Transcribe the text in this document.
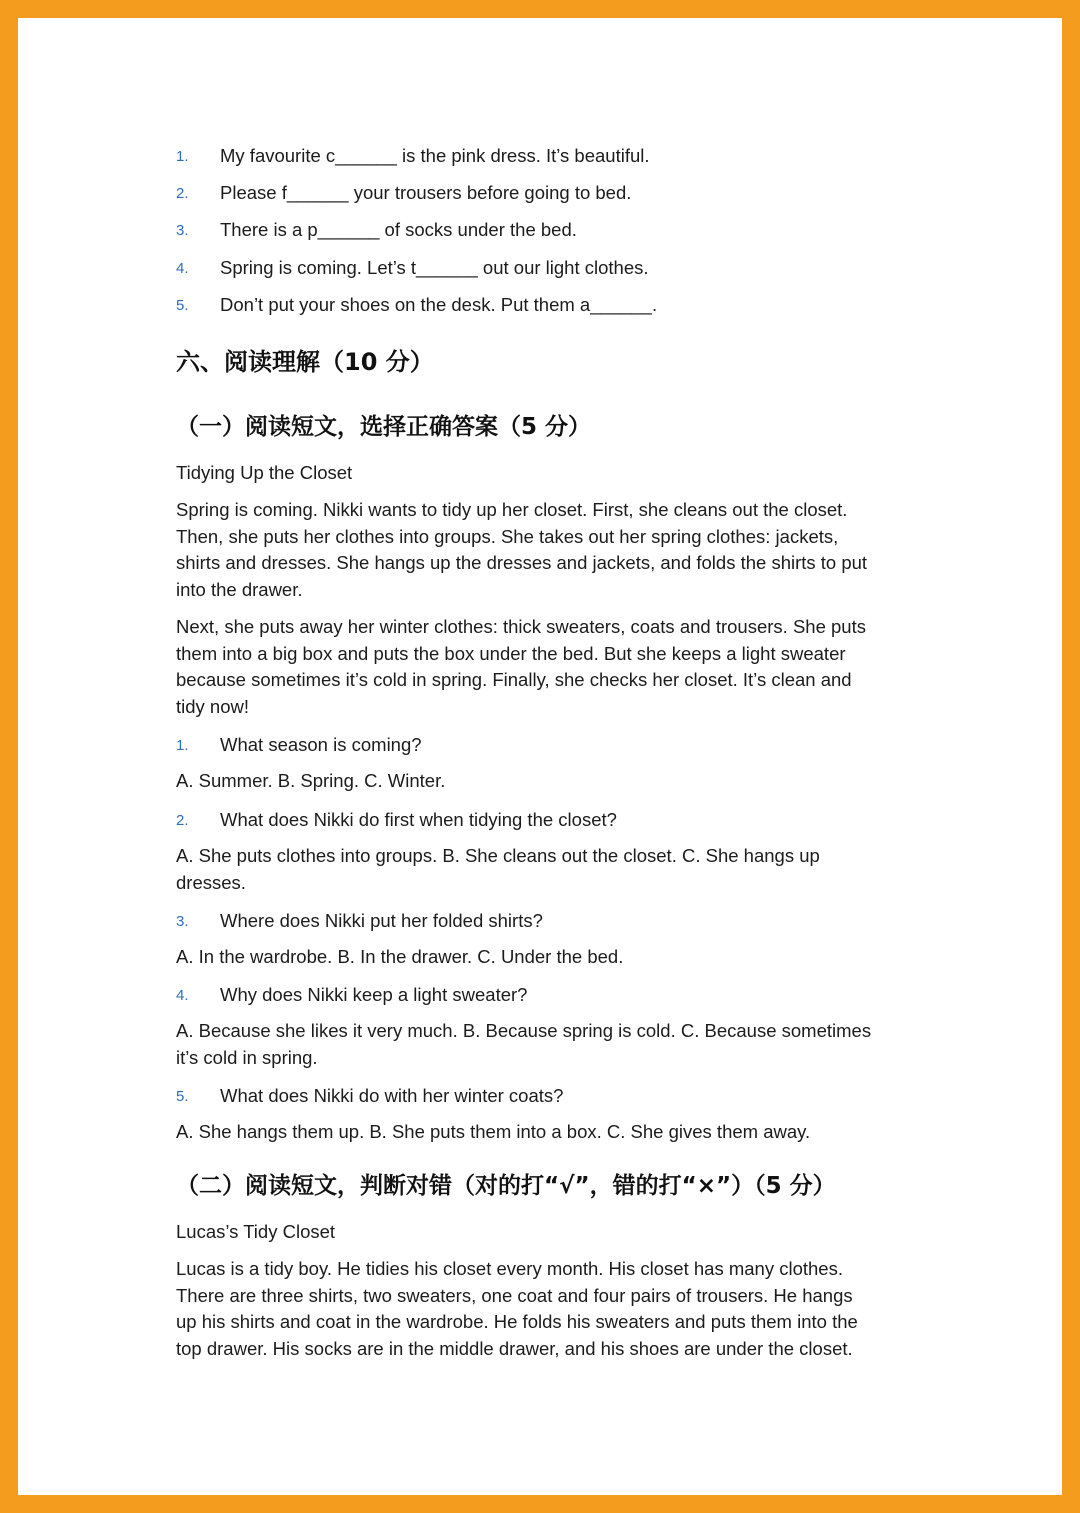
1. My favourite c______ is the pink dress. It’s beautiful.
2. Please f______ your trousers before going to bed.
3. There is a p______ of socks under the bed.
4. Spring is coming. Let’s t______ out our light clothes.
5. Don’t put your shoes on the desk. Put them a______.
六、阅读理解（10 分）
（一）阅读短文，选择正确答案（5 分）
Tidying Up the Closet
Spring is coming. Nikki wants to tidy up her closet. First, she cleans out the closet.
Then, she puts her clothes into groups. She takes out her spring clothes: jackets,
shirts and dresses. She hangs up the dresses and jackets, and folds the shirts to put
into the drawer.
Next, she puts away her winter clothes: thick sweaters, coats and trousers. She puts
them into a big box and puts the box under the bed. But she keeps a light sweater
because sometimes it’s cold in spring. Finally, she checks her closet. It’s clean and
tidy now!
1. What season is coming?
A. Summer. B. Spring. C. Winter.
2. What does Nikki do first when tidying the closet?
A. She puts clothes into groups. B. She cleans out the closet. C. She hangs up
dresses.
3. Where does Nikki put her folded shirts?
A. In the wardrobe. B. In the drawer. C. Under the bed.
4. Why does Nikki keep a light sweater?
A. Because she likes it very much. B. Because spring is cold. C. Because sometimes
it’s cold in spring.
5. What does Nikki do with her winter coats?
A. She hangs them up. B. She puts them into a box. C. She gives them away.
（二）阅读短文，判断对错（对的打“√”，错的打“×”）（5 分）
Lucas’s Tidy Closet
Lucas is a tidy boy. He tidies his closet every month. His closet has many clothes.
There are three shirts, two sweaters, one coat and four pairs of trousers. He hangs
up his shirts and coat in the wardrobe. He folds his sweaters and puts them into the
top drawer. His socks are in the middle drawer, and his shoes are under the closet.
